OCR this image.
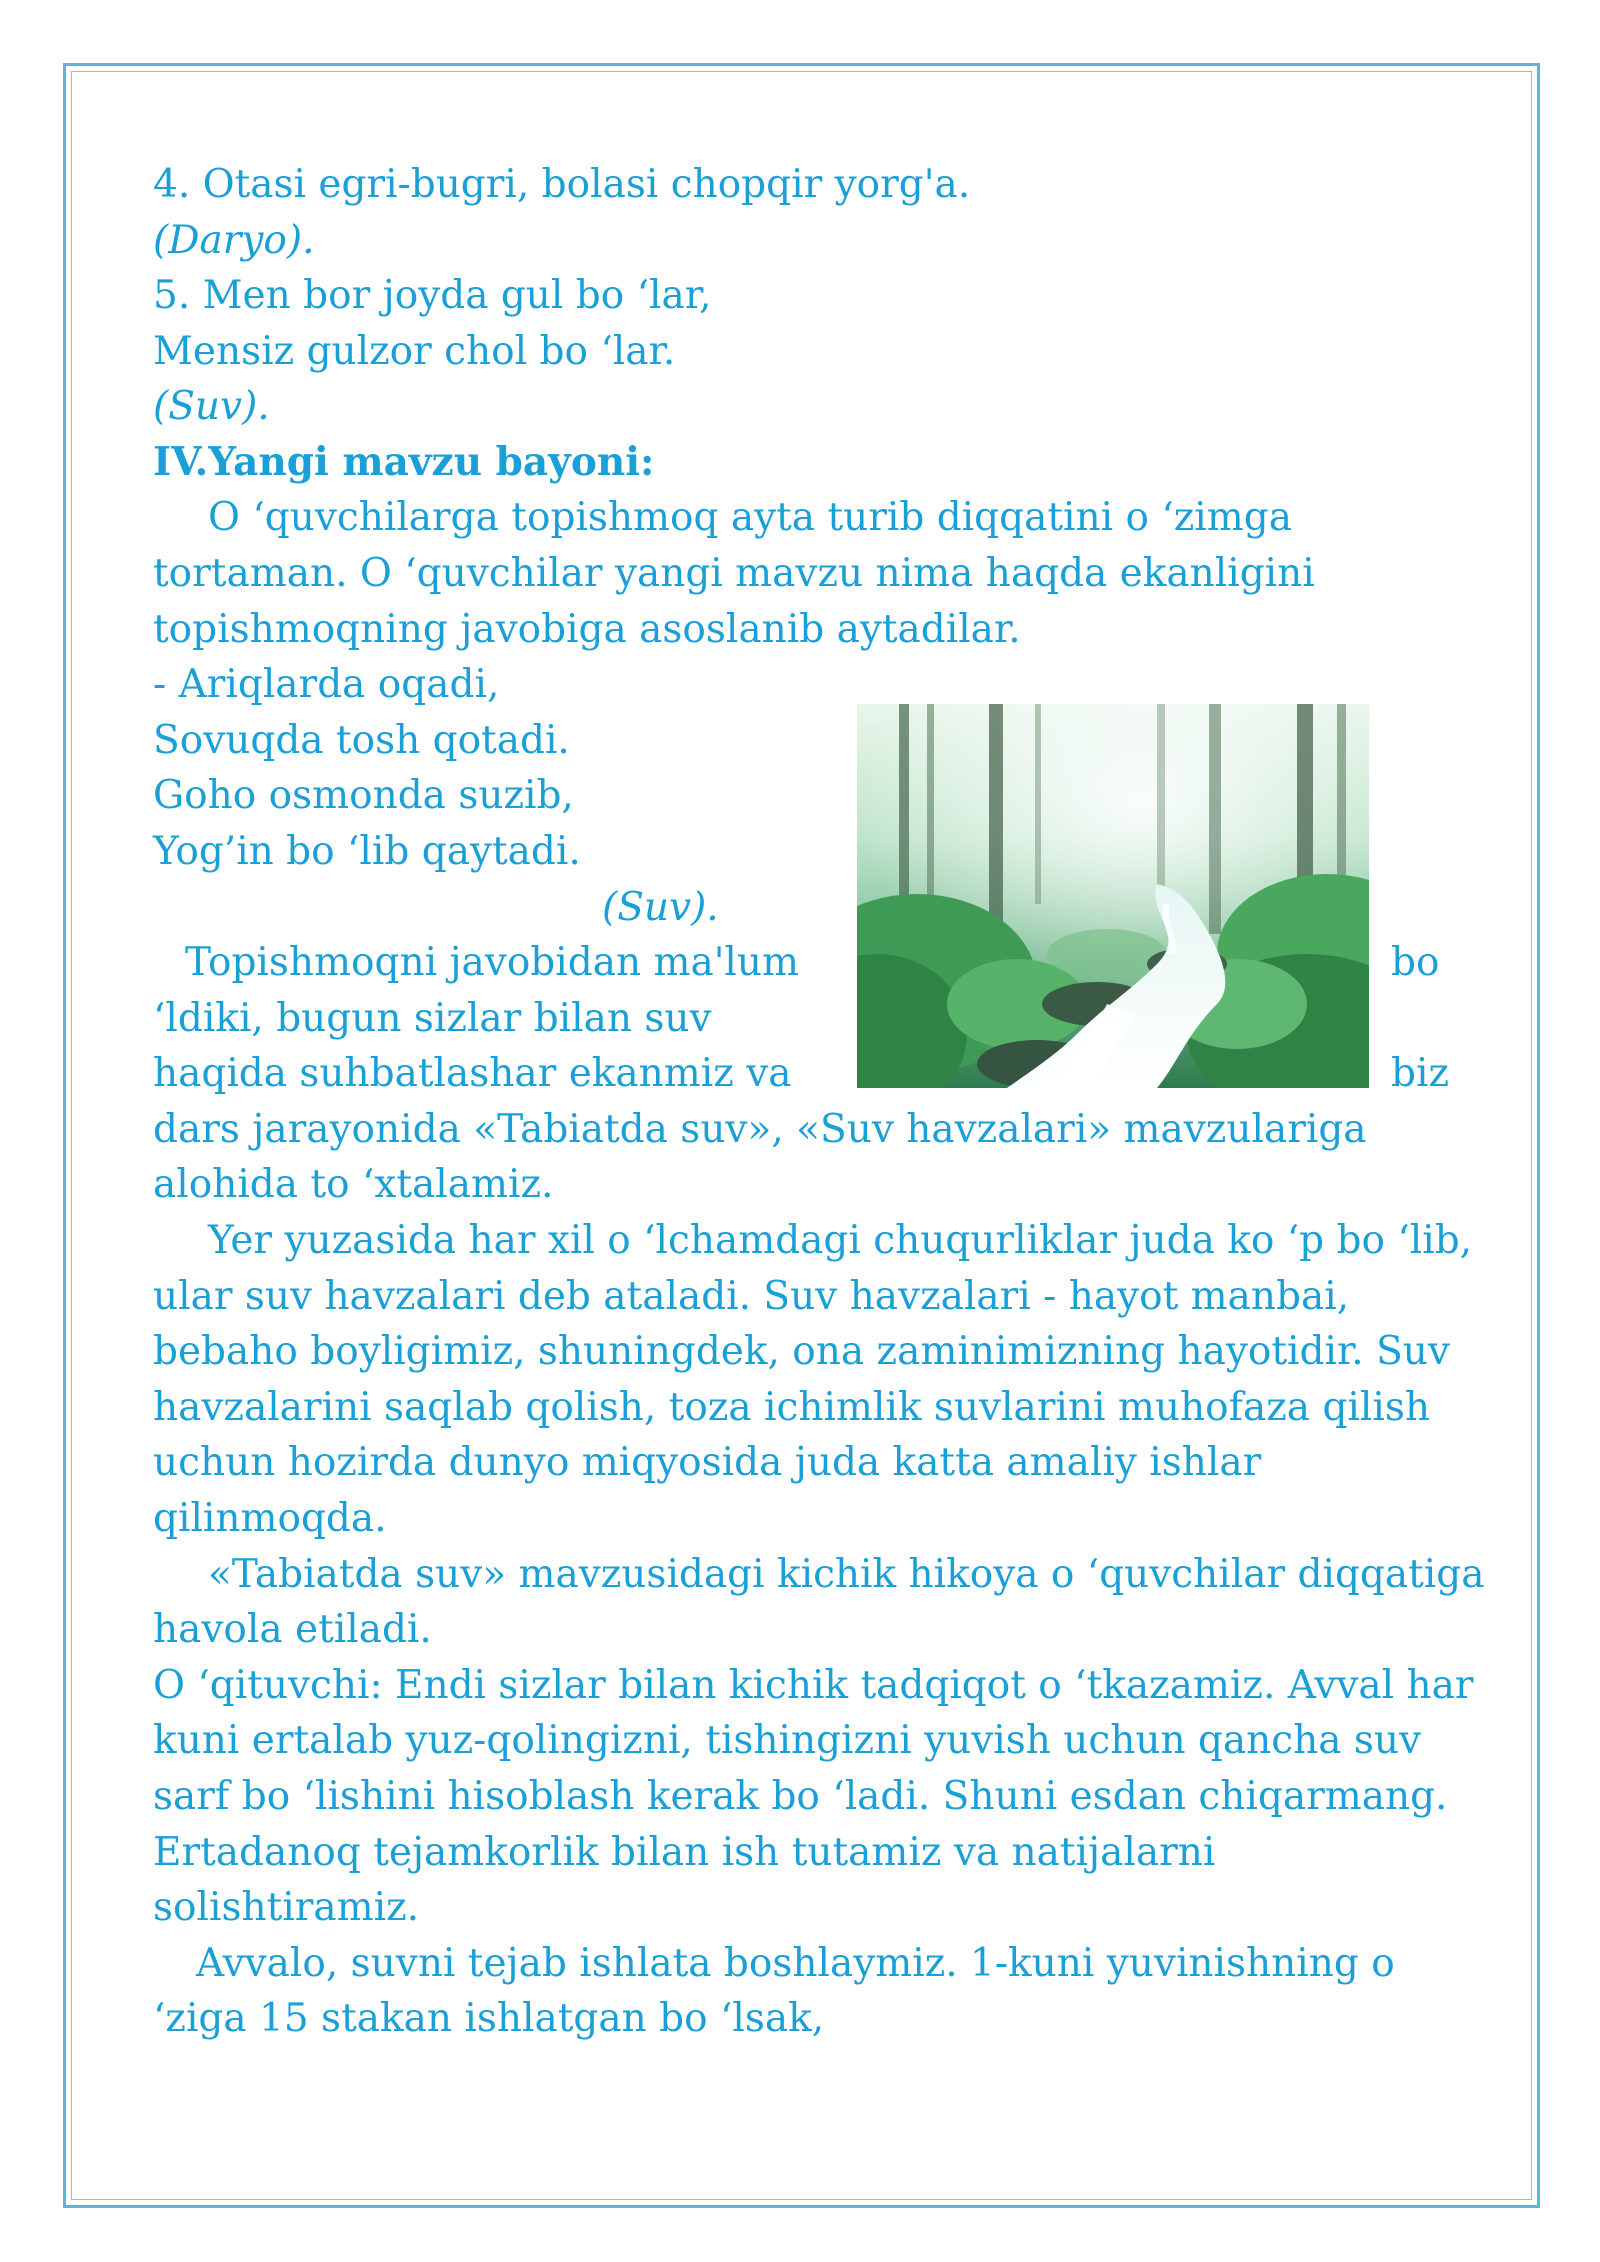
4. Otasi egri-bugri, bolasi chopqir yorg'a.
(Daryo).
5. Men bor joyda gul bo ‘lar,
Mensiz gulzor chol bo ‘lar.
(Suv).
IV.Yangi mavzu bayoni:
O ‘quvchilarga topishmoq ayta turib diqqatini o ‘zimga
tortaman. O ‘quvchilar yangi mavzu nima haqda ekanligini
topishmoqning javobiga asoslanib aytadilar.
- Ariqlarda oqadi,
Sovuqda tosh qotadi.
Goho osmonda suzib,
Yog’in bo ‘lib qaytadi.
(Suv).
Topishmoqni javobidan ma'lum
‘ldiki, bugun sizlar bilan suv
haqida suhbatlashar ekanmiz va
bo
biz
dars jarayonida «Tabiatda suv», «Suv havzalari» mavzulariga
alohida to ‘xtalamiz.
Yer yuzasida har xil o ‘lchamdagi chuqurliklar juda ko ‘p bo ‘lib,
ular suv havzalari deb ataladi. Suv havzalari - hayot manbai,
bebaho boyligimiz, shuningdek, ona zaminimizning hayotidir. Suv
havzalarini saqlab qolish, toza ichimlik suvlarini muhofaza qilish
uchun hozirda dunyo miqyosida juda katta amaliy ishlar
qilinmoqda.
«Tabiatda suv» mavzusidagi kichik hikoya o ‘quvchilar diqqatiga
havola etiladi.
O ‘qituvchi: Endi sizlar bilan kichik tadqiqot o ‘tkazamiz. Avval har
kuni ertalab yuz-qolingizni, tishingizni yuvish uchun qancha suv
sarf bo ‘lishini hisoblash kerak bo ‘ladi. Shuni esdan chiqarmang.
Ertadanoq tejamkorlik bilan ish tutamiz va natijalarni
solishtiramiz.
Avvalo, suvni tejab ishlata boshlaymiz. 1-kuni yuvinishning o
‘ziga 15 stakan ishlatgan bo ‘lsak,
